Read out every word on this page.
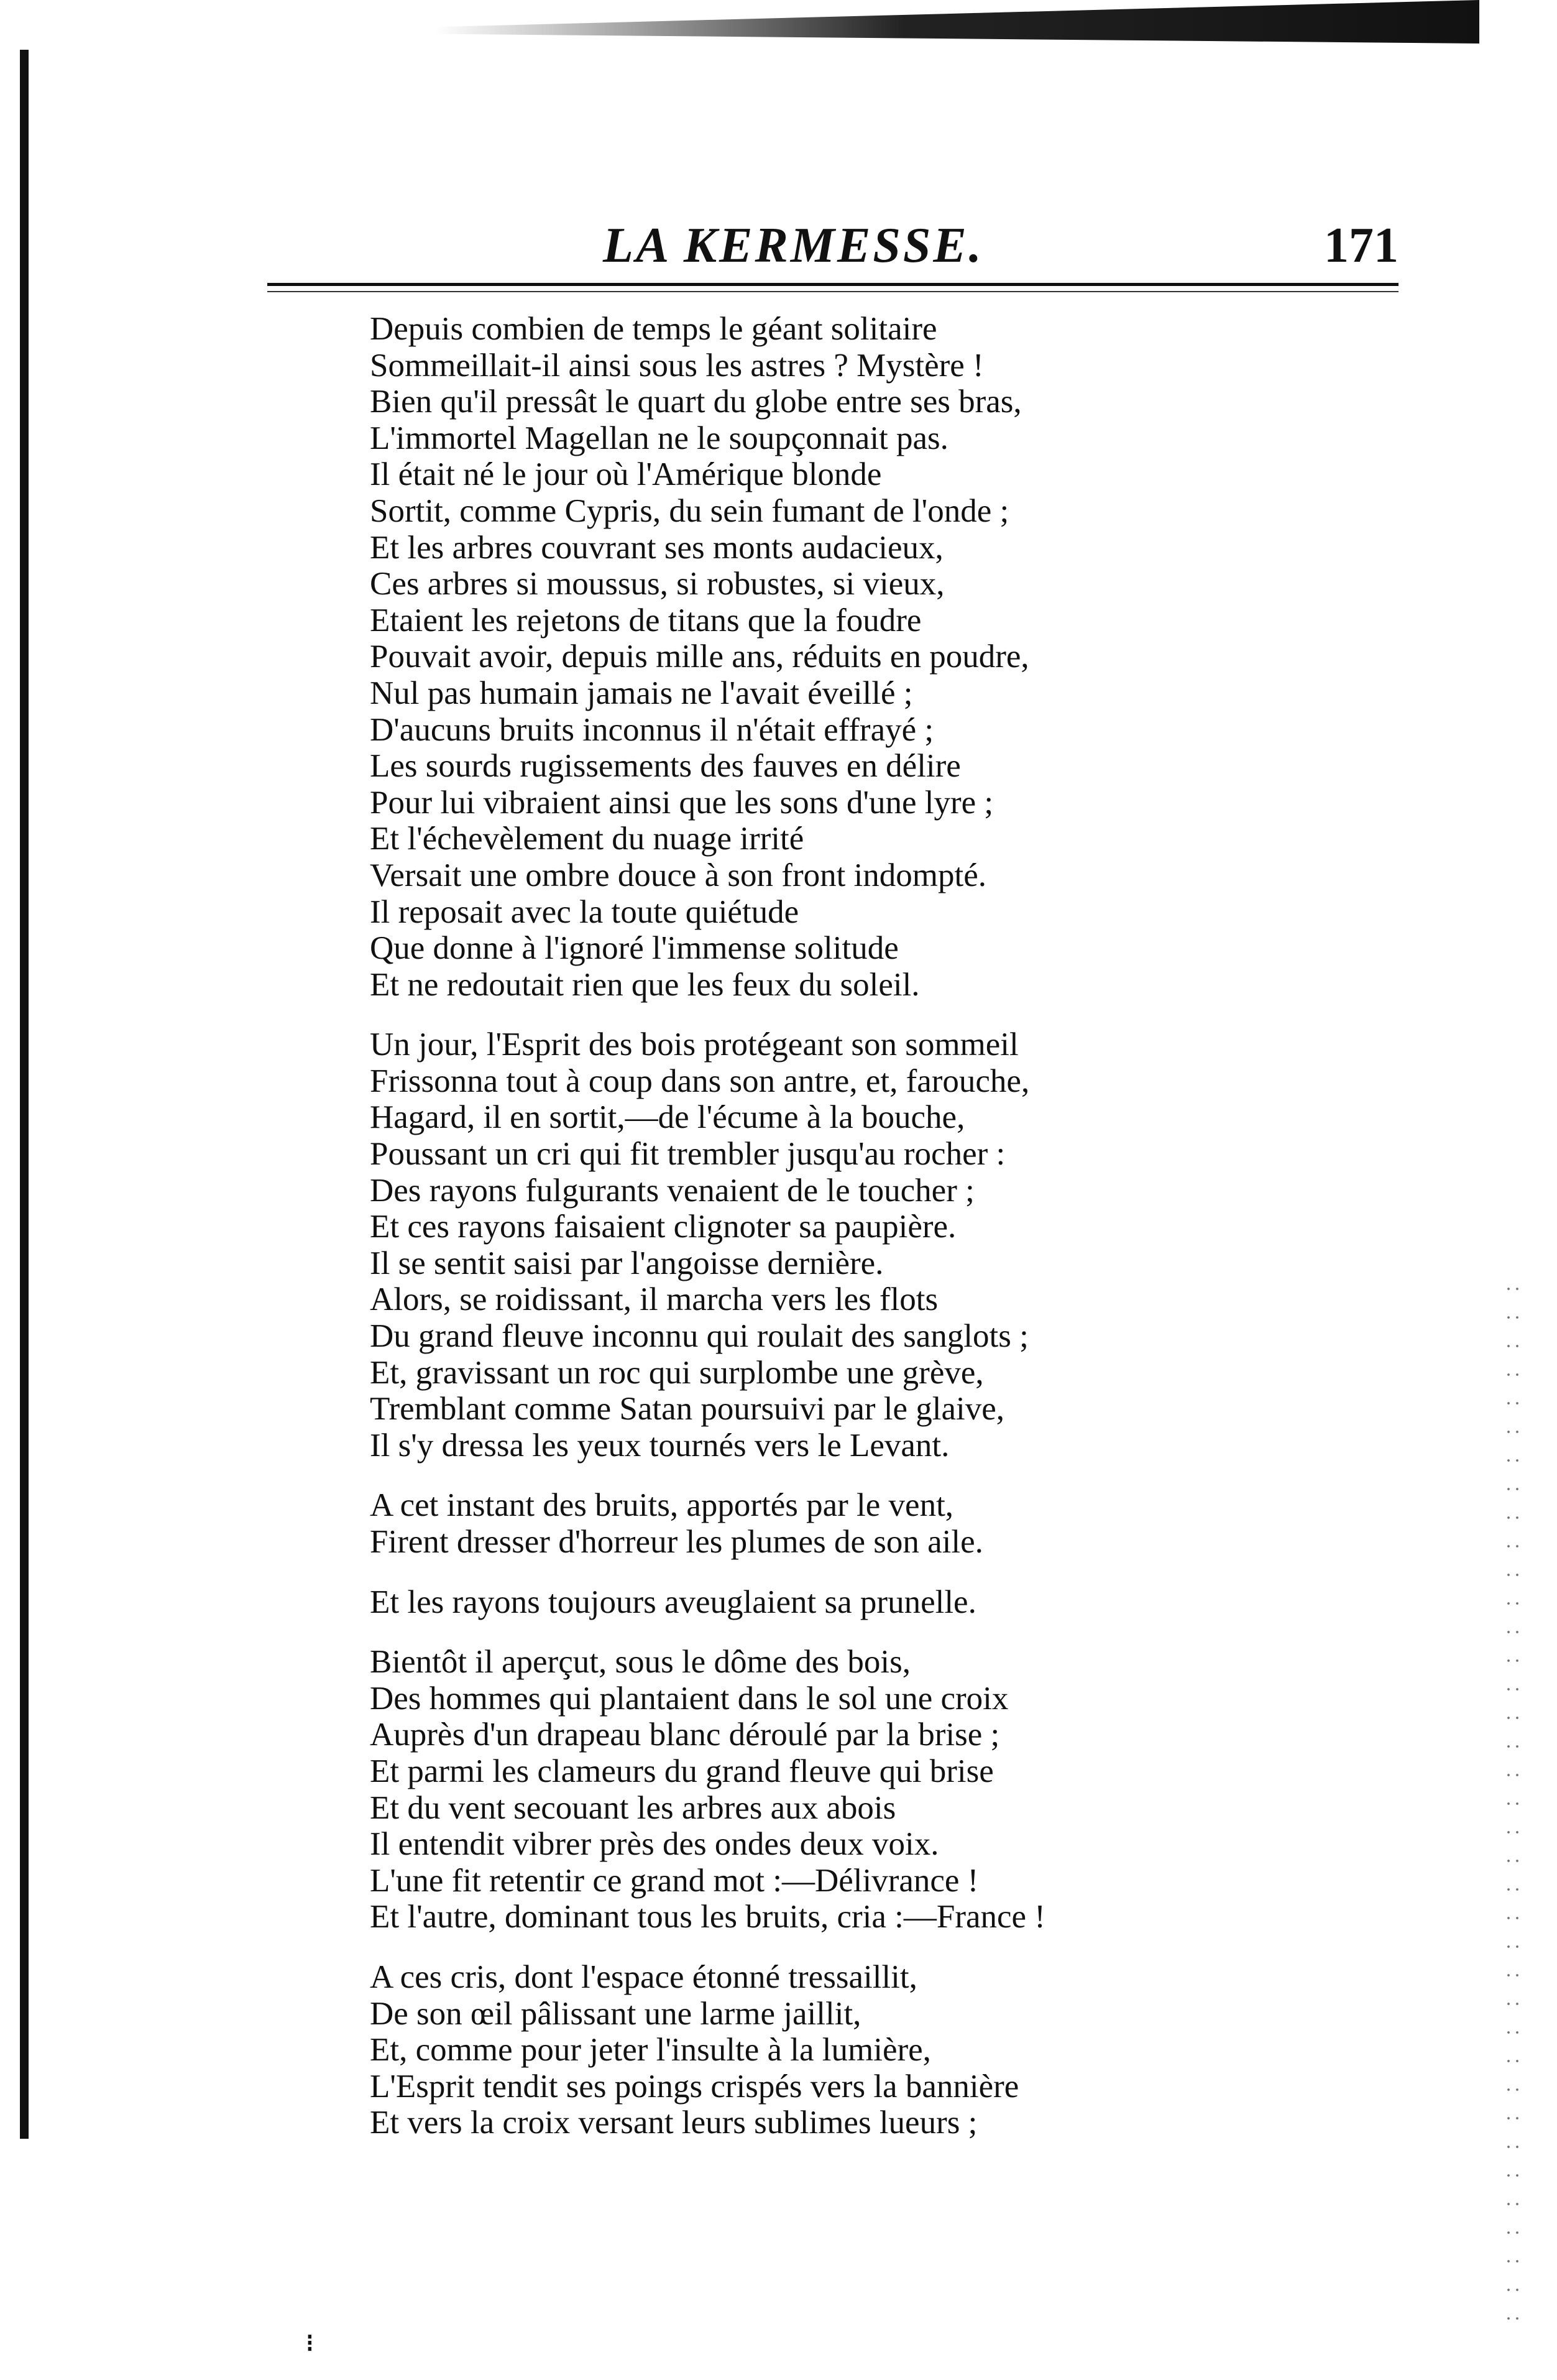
LA KERMESSE.	171
Depuis combien de temps le géant solitaire
Sommeillait-il ainsi sous les astres ? Mystère !
Bien qu'il pressât le quart du globe entre ses bras,
L'immortel Magellan ne le soupçonnait pas.
Il était né le jour où l'Amérique blonde
Sortit, comme Cypris, du sein fumant de l'onde ;
Et les arbres couvrant ses monts audacieux,
Ces arbres si moussus, si robustes, si vieux,
Etaient les rejetons de titans que la foudre
Pouvait avoir, depuis mille ans, réduits en poudre,
Nul pas humain jamais ne l'avait éveillé ;
D'aucuns bruits inconnus il n'était effrayé ;
Les sourds rugissements des fauves en délire
Pour lui vibraient ainsi que les sons d'une lyre ;
Et l'échevèlement du nuage irrité
Versait une ombre douce à son front indompté.
Il reposait avec la toute quiétude
Que donne à l'ignoré l'immense solitude
Et ne redoutait rien que les feux du soleil.
Un jour, l'Esprit des bois protégeant son sommeil
Frissonna tout à coup dans son antre, et, farouche,
Hagard, il en sortit,—de l'écume à la bouche,
Poussant un cri qui fit trembler jusqu'au rocher :
Des rayons fulgurants venaient de le toucher ;
Et ces rayons faisaient clignoter sa paupière.
Il se sentit saisi par l'angoisse dernière.
Alors, se roidissant, il marcha vers les flots
Du grand fleuve inconnu qui roulait des sanglots ;
Et, gravissant un roc qui surplombe une grève,
Tremblant comme Satan poursuivi par le glaive,
Il s'y dressa les yeux tournés vers le Levant.
A cet instant des bruits, apportés par le vent,
Firent dresser d'horreur les plumes de son aile.
Et les rayons toujours aveuglaient sa prunelle.
Bientôt il aperçut, sous le dôme des bois,
Des hommes qui plantaient dans le sol une croix
Auprès d'un drapeau blanc déroulé par la brise ;
Et parmi les clameurs du grand fleuve qui brise
Et du vent secouant les arbres aux abois
Il entendit vibrer près des ondes deux voix.
L'une fit retentir ce grand mot :—Délivrance !
Et l'autre, dominant tous les bruits, cria :—France !
A ces cris, dont l'espace étonné tressaillit,
De son œil pâlissant une larme jaillit,
Et, comme pour jeter l'insulte à la lumière,
L'Esprit tendit ses poings crispés vers la bannière
Et vers la croix versant leurs sublimes lueurs ;
⁝
